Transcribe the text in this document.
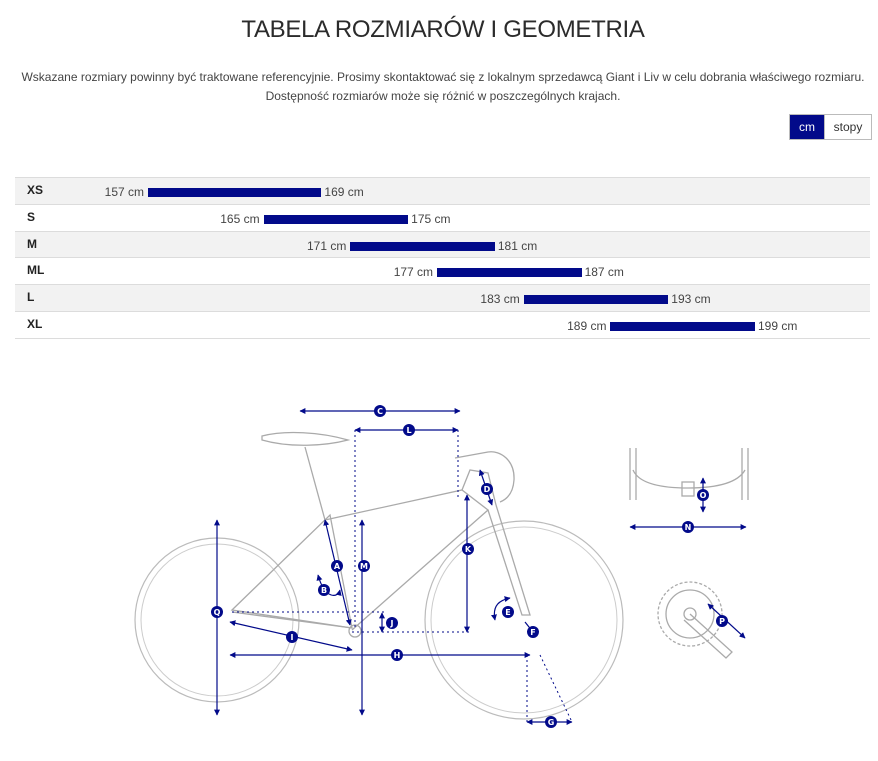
TABELA ROZMIARÓW I GEOMETRIA
Wskazane rozmiary powinny być traktowane referencyjnie. Prosimy skontaktować się z lokalnym sprzedawcą Giant i Liv w celu dobrania właściwego rozmiaru.
Dostępność rozmiarów może się różnić w poszczególnych krajach.
cm	stopy
XS	157 cm	169 cm
S	165 cm	175 cm
M	171 cm	181 cm
ML	177 cm	187 cm
L	183 cm	193 cm
XL	189 cm	199 cm
C
L
D
K
A M
B
Q	E
J
F
I
H
G
O
N
P
